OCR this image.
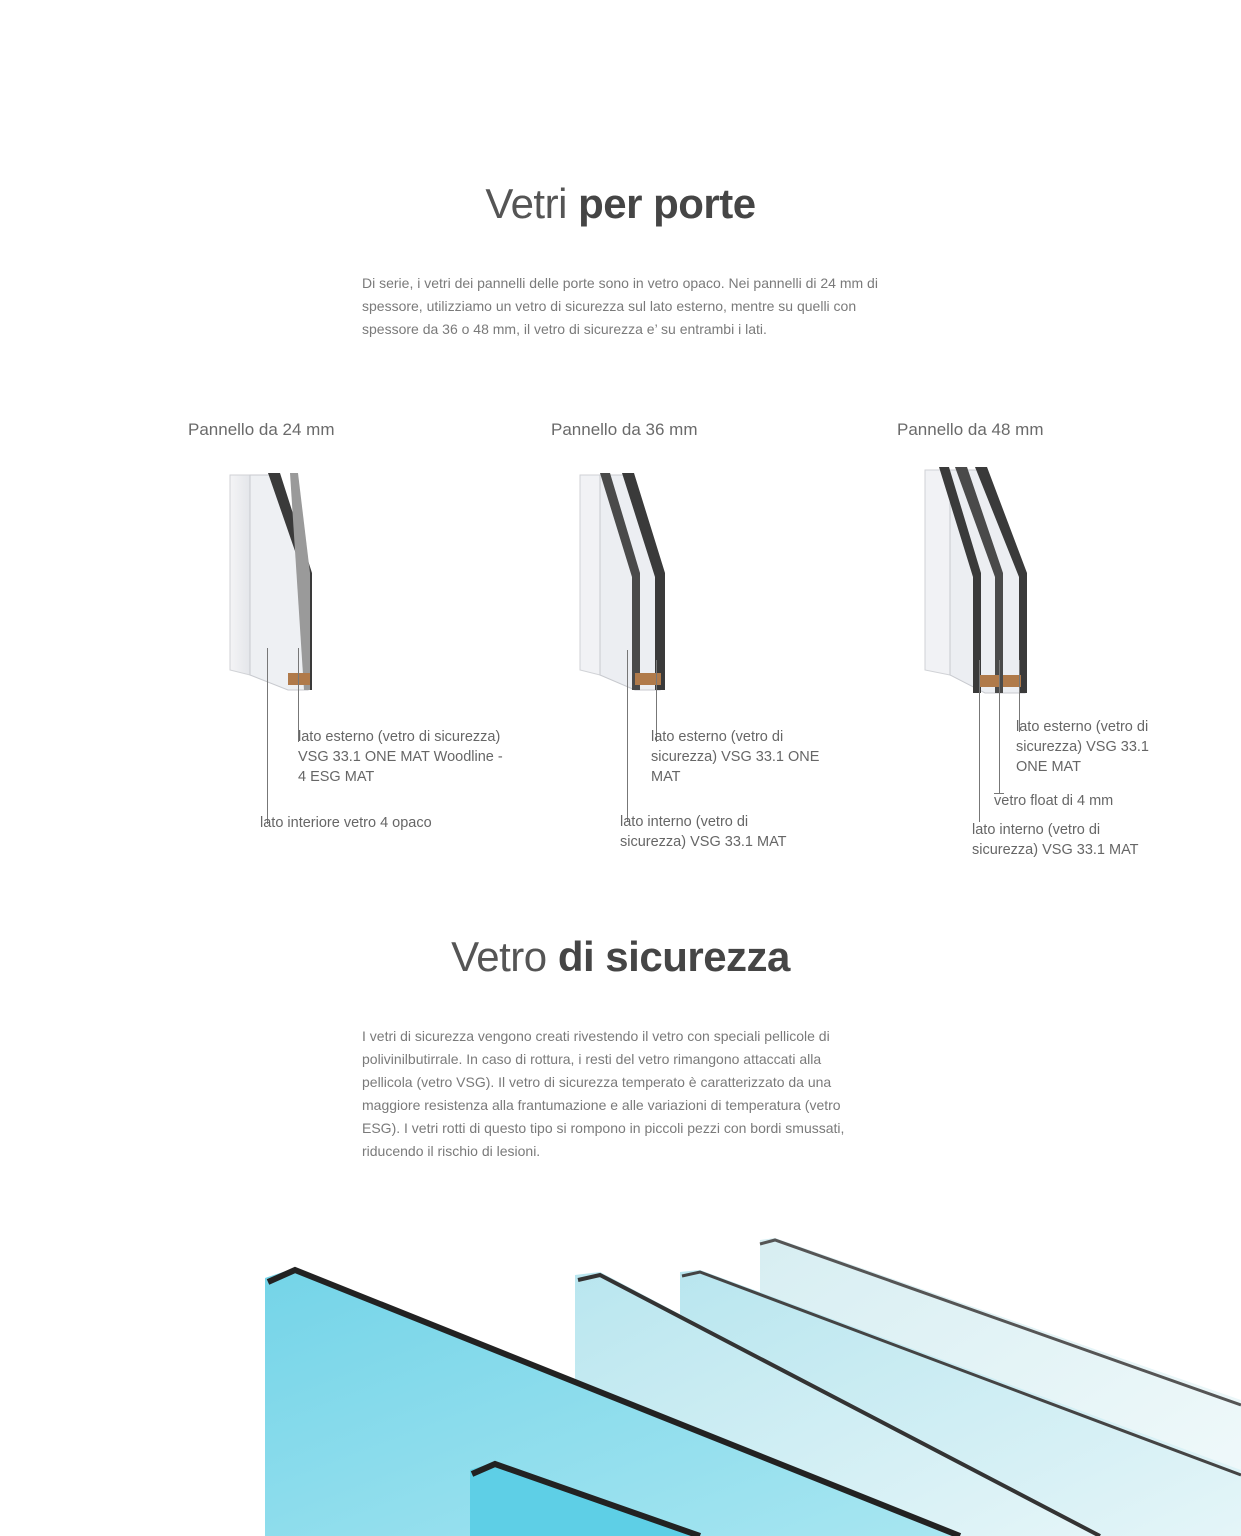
Vetri per porte
Di serie, i vetri dei pannelli delle porte sono in vetro opaco. Nei pannelli di 24 mm di spessore, utilizziamo un vetro di sicurezza sul lato esterno, mentre su quelli con spessore da 36 o 48 mm, il vetro di sicurezza e’ su entrambi i lati.
Pannello da 24 mm	Pannello da 36 mm	Pannello da 48 mm
lato esterno (vetro di sicurezza) VSG 33.1 ONE MAT Woodline - 4 ESG MAT
lato interiore vetro 4 opaco
lato esterno (vetro di sicurezza) VSG 33.1 ONE MAT
lato interno (vetro di sicurezza) VSG 33.1 MAT
lato esterno (vetro di sicurezza) VSG 33.1 ONE MAT
vetro float di 4 mm
lato interno (vetro di sicurezza) VSG 33.1 MAT
Vetro di sicurezza
I vetri di sicurezza vengono creati rivestendo il vetro con speciali pellicole di polivinilbutirrale. In caso di rottura, i resti del vetro rimangono attaccati alla pellicola (vetro VSG). Il vetro di sicurezza temperato è caratterizzato da una maggiore resistenza alla frantumazione e alle variazioni di temperatura (vetro ESG). I vetri rotti di questo tipo si rompono in piccoli pezzi con bordi smussati, riducendo il rischio di lesioni.
